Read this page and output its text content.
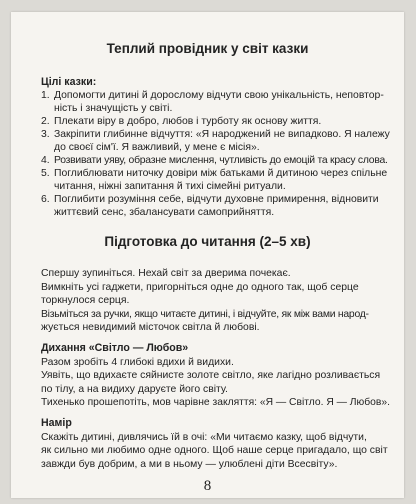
Теплий провідник у світ казки
Цілі казки:
1. Допомогти дитині й дорослому відчути свою унікальність, неповтор-
ність і значущість у світі.
2. Плекати віру в добро, любов і турботу як основу життя.
3. Закріпити глибинне відчуття: «Я народжений не випадково. Я належу
до своєї сім'ї. Я важливий, у мене є місія».
4. Розвивати уяву, образне мислення, чутливість до емоцій та красу слова.
5. Поглиблювати ниточку довіри між батьками й дитиною через спільне
читання, ніжні запитання й тихі сімейні ритуали.
6. Поглибити розуміння себе, відчути духовне примирення, відновити
життєвий сенс, збалансувати самоприйняття.
Підготовка до читання (2–5 хв)
Спершу зупиніться. Нехай світ за дверима почекає.
Вимкніть усі гаджети, пригорніться одне до одного так, щоб серце
торкнулося серця.
Візьміться за ручки, якщо читаєте дитині, і відчуйте, як між вами народ-
жується невидимий місточок світла й любові.
Дихання «Світло — Любов»
Разом зробіть 4 глибокі вдихи й видихи.
Уявіть, що вдихаєте сяйнисте золоте світло, яке лагідно розливається
по тілу, а на видиху даруєте його світу.
Тихенько прошепотіть, мов чарівне закляття: «Я — Світло. Я — Любов».
Намір
Скажіть дитині, дивлячись їй в очі: «Ми читаємо казку, щоб відчути,
як сильно ми любимо одне одного. Щоб наше серце пригадало, що світ
завжди був добрим, а ми в ньому — улюблені діти Всесвіту».
8
